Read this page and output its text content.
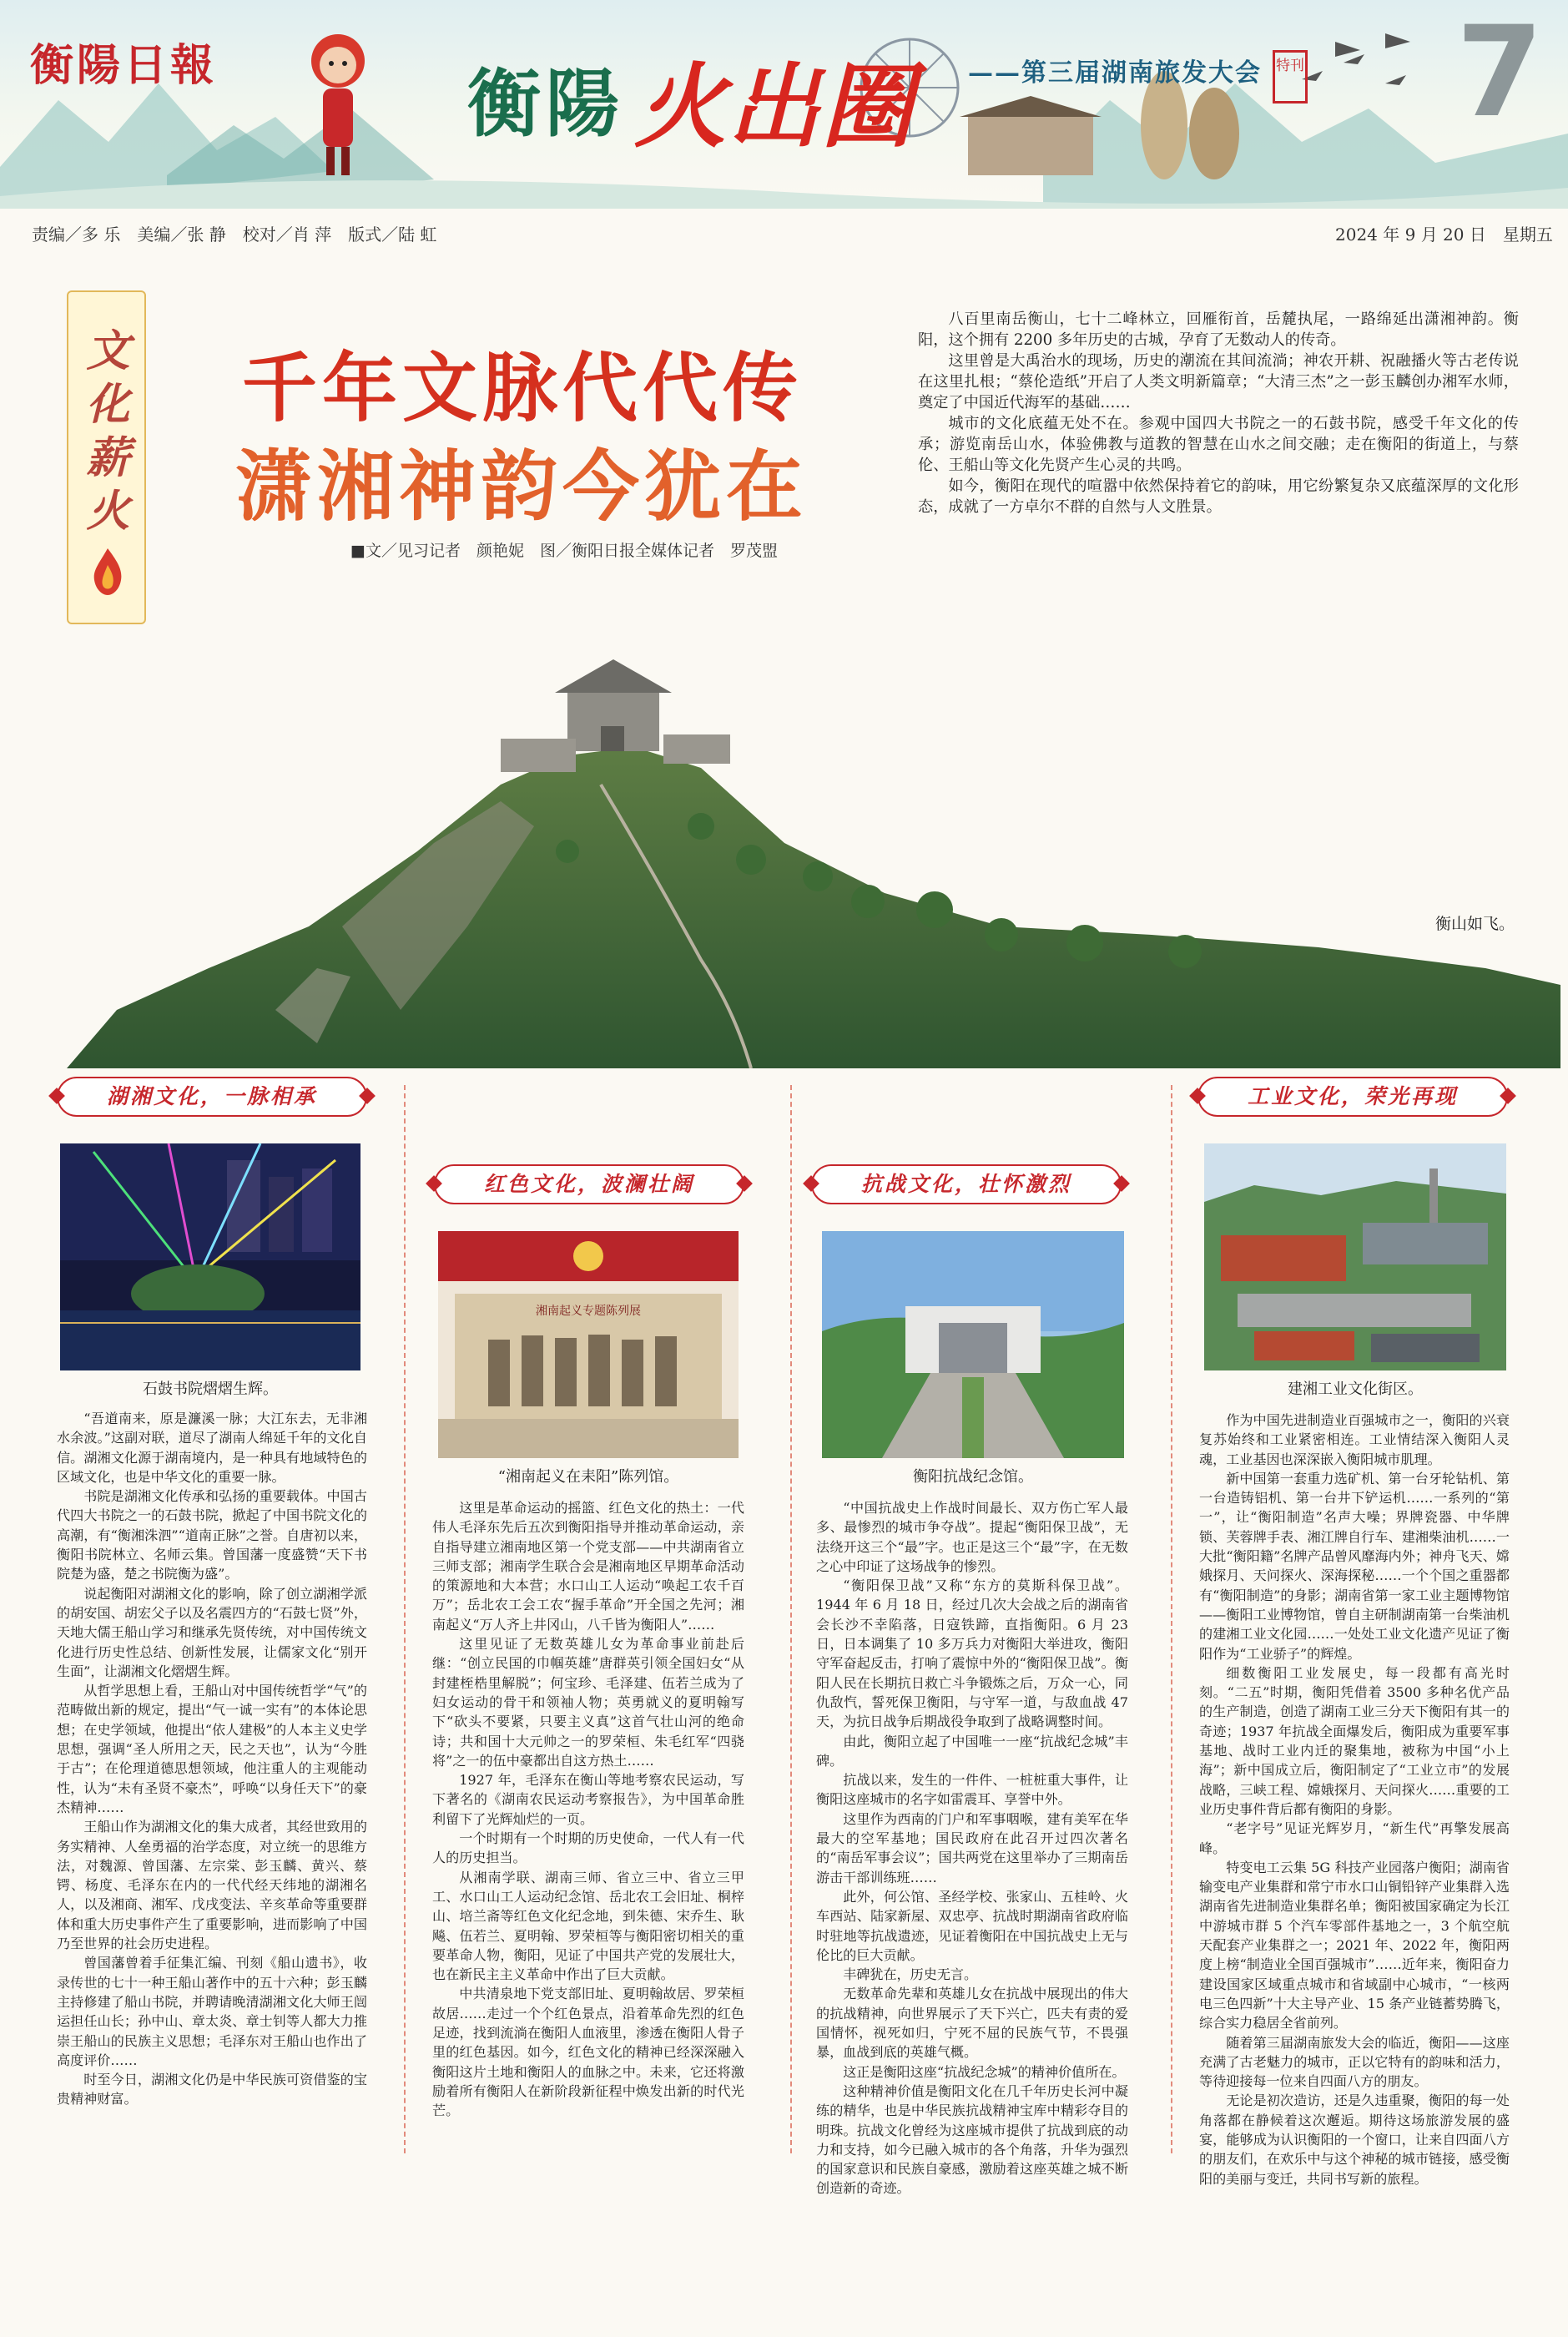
衡陽日報	衡陽 火出圈 ——第三届湖南旅发大会 特刊 7
责编／多 乐　美编／张 静　校对／肖 萍　版式／陆 虹	2024 年 9 月 20 日　星期五
文
化
薪
火
千年文脉代代传
潇湘神韵今犹在
■文／见习记者　颜艳妮　图／衡阳日报全媒体记者　罗茂盟

八百里南岳衡山，七十二峰林立，回雁衔首，岳麓执尾，一路绵延出潇湘神韵。衡阳，这个拥有 2200 多年历史的古城，孕育了无数动人的传奇。

这里曾是大禹治水的现场，历史的潮流在其间流淌；神农开耕、祝融播火等古老传说在这里扎根；“蔡伦造纸”开启了人类文明新篇章；“大清三杰”之一彭玉麟创办湘军水师，奠定了中国近代海军的基础……

城市的文化底蕴无处不在。参观中国四大书院之一的石鼓书院，感受千年文化的传承；游览南岳山水，体验佛教与道教的智慧在山水之间交融；走在衡阳的街道上，与蔡伦、王船山等文化先贤产生心灵的共鸣。

如今，衡阳在现代的喧嚣中依然保持着它的韵味，用它纷繁复杂又底蕴深厚的文化形态，成就了一方卓尔不群的自然与人文胜景。

衡山如飞。
湖湘文化，一脉相承
石鼓书院熠熠生辉。

“吾道南来，原是濂溪一脉；大江东去，无非湘水余波。”这副对联，道尽了湖南人绵延千年的文化自信。湖湘文化源于湖南境内，是一种具有地域特色的区域文化，也是中华文化的重要一脉。

书院是湖湘文化传承和弘扬的重要载体。中国古代四大书院之一的石鼓书院，掀起了中国书院文化的高潮，有“衡湘洙泗”“道南正脉”之誉。自唐初以来，衡阳书院林立、名师云集。曾国藩一度盛赞“天下书院楚为盛，楚之书院衡为盛”。

说起衡阳对湖湘文化的影响，除了创立湖湘学派的胡安国、胡宏父子以及名震四方的“石鼓七贤”外，天地大儒王船山学习和继承先贤传统，对中国传统文化进行历史性总结、创新性发展，让儒家文化“别开生面”，让湖湘文化熠熠生辉。

从哲学思想上看，王船山对中国传统哲学“气”的范畴做出新的规定，提出“气一诚一实有”的本体论思想；在史学领域，他提出“依人建极”的人本主义史学思想，强调“圣人所用之天，民之天也”，认为“今胜于古”；在伦理道德思想领域，他注重人的主观能动性，认为“未有圣贤不豪杰”，呼唤“以身任天下”的豪杰精神……

王船山作为湖湘文化的集大成者，其经世致用的务实精神、人垒勇福的治学态度，对立统一的思维方法，对魏源、曾国藩、左宗棠、彭玉麟、黄兴、蔡锷、杨度、毛泽东在内的一代代经天纬地的湖湘名人，以及湘商、湘军、戊戌变法、辛亥革命等重要群体和重大历史事件产生了重要影响，进而影响了中国乃至世界的社会历史进程。

曾国藩曾着手征集汇编、刊刻《船山遗书》，收录传世的七十一种王船山著作中的五十六种；彭玉麟主持修建了船山书院，并聘请晚清湖湘文化大师王闿运担任山长；孙中山、章太炎、章士钊等人都大力推崇王船山的民族主义思想；毛泽东对王船山也作出了高度评价……

时至今日，湖湘文化仍是中华民族可资借鉴的宝贵精神财富。

红色文化，波澜壮阔
湘南起义专题陈列展
“湘南起义在耒阳”陈列馆。

这里是革命运动的摇篮、红色文化的热土：一代伟人毛泽东先后五次到衡阳指导并推动革命运动，亲自指导建立湘南地区第一个党支部——中共湖南省立三师支部；湘南学生联合会是湘南地区早期革命活动的策源地和大本营；水口山工人运动“唤起工农千百万”；岳北农工会工农“握手革命”开全国之先河；湘南起义“万人齐上井冈山，八千皆为衡阳人”……

这里见证了无数英雄儿女为革命事业前赴后继：“创立民国的巾帼英雄”唐群英引领全国妇女“从封建桎梏里解脱”；何宝珍、毛泽建、伍若兰成为了妇女运动的骨干和领袖人物；英勇就义的夏明翰写下“砍头不要紧，只要主义真”这首气壮山河的绝命诗；共和国十大元帅之一的罗荣桓、朱毛红军“四骁将”之一的伍中豪都出自这方热土……

1927 年，毛泽东在衡山等地考察农民运动，写下著名的《湖南农民运动考察报告》，为中国革命胜利留下了光辉灿烂的一页。

一个时期有一个时期的历史使命，一代人有一代人的历史担当。

从湘南学联、湖南三师、省立三中、省立三甲工、水口山工人运动纪念馆、岳北农工会旧址、桐梓山、培兰斋等红色文化纪念地，到朱德、宋乔生、耿飚、伍若兰、夏明翰、罗荣桓等与衡阳密切相关的重要革命人物，衡阳，见证了中国共产党的发展壮大，也在新民主主义革命中作出了巨大贡献。

中共清泉地下党支部旧址、夏明翰故居、罗荣桓故居……走过一个个红色景点，沿着革命先烈的红色足迹，找到流淌在衡阳人血液里，渗透在衡阳人骨子里的红色基因。如今，红色文化的精神已经深深融入衡阳这片土地和衡阳人的血脉之中。未来，它还将激励着所有衡阳人在新阶段新征程中焕发出新的时代光芒。

抗战文化，壮怀激烈
衡阳抗战纪念馆。

“中国抗战史上作战时间最长、双方伤亡军人最多、最惨烈的城市争夺战”。提起“衡阳保卫战”，无法绕开这三个“最”字。也正是这三个“最”字，在无数之心中印证了这场战争的惨烈。

“衡阳保卫战”又称“东方的莫斯科保卫战”。1944 年 6 月 18 日，经过几次大会战之后的湖南省会长沙不幸陷落，日寇铁蹄，直指衡阳。6 月 23 日，日本调集了 10 多万兵力对衡阳大举进攻，衡阳守军奋起反击，打响了震惊中外的“衡阳保卫战”。衡阳人民在长期抗日救亡斗争锻炼之后，万众一心，同仇敌忾，誓死保卫衡阳，与守军一道，与敌血战 47 天，为抗日战争后期战役争取到了战略调整时间。

由此，衡阳立起了中国唯一一座“抗战纪念城”丰碑。

抗战以来，发生的一件件、一桩桩重大事件，让衡阳这座城市的名字如雷震耳、享誉中外。

这里作为西南的门户和军事咽喉，建有美军在华最大的空军基地；国民政府在此召开过四次著名的“南岳军事会议”；国共两党在这里举办了三期南岳游击干部训练班……

此外，何公馆、圣经学校、张家山、五桂岭、火车西站、陆家新屋、双忠亭、抗战时期湖南省政府临时驻地等抗战遗迹，见证着衡阳在中国抗战史上无与伦比的巨大贡献。

丰碑犹在，历史无言。

无数革命先辈和英雄儿女在抗战中展现出的伟大的抗战精神，向世界展示了天下兴亡，匹夫有责的爱国情怀，视死如归，宁死不屈的民族气节，不畏强暴，血战到底的英雄气概。

这正是衡阳这座“抗战纪念城”的精神价值所在。

这种精神价值是衡阳文化在几千年历史长河中凝练的精华，也是中华民族抗战精神宝库中精彩夺目的明珠。抗战文化曾经为这座城市提供了抗战到底的动力和支持，如今已融入城市的各个角落，升华为强烈的国家意识和民族自豪感，激励着这座英雄之城不断创造新的奇迹。

工业文化，荣光再现
建湘工业文化街区。

作为中国先进制造业百强城市之一，衡阳的兴衰复苏始终和工业紧密相连。工业情结深入衡阳人灵魂，工业基因也深深嵌入衡阳城市肌理。

新中国第一套重力选矿机、第一台牙轮钻机、第一台造铸铝机、第一台井下铲运机……一系列的“第一”，让“衡阳制造”名声大噪；界牌瓷器、中华牌锁、芙蓉牌手表、湘江牌自行车、建湘柴油机……一大批“衡阳籍”名牌产品曾风靡海内外；神舟飞天、嫦娥探月、天问探火、深海探秘……一个个国之重器都有“衡阳制造”的身影；湖南省第一家工业主题博物馆——衡阳工业博物馆，曾自主研制湖南第一台柴油机的建湘工业文化园……一处处工业文化遗产见证了衡阳作为“工业骄子”的辉煌。

细数衡阳工业发展史，每一段都有高光时刻。“二五”时期，衡阳凭借着 3500 多种名优产品的生产制造，创造了湖南工业三分天下衡阳有其一的奇迹；1937 年抗战全面爆发后，衡阳成为重要军事基地、战时工业内迁的聚集地，被称为中国“小上海”；新中国成立后，衡阳制定了“工业立市”的发展战略，三峡工程、嫦娥探月、天问探火……重要的工业历史事件背后都有衡阳的身影。

“老字号”见证光辉岁月，“新生代”再擎发展高峰。

特变电工云集 5G 科技产业园落户衡阳；湖南省输变电产业集群和常宁市水口山铜铅锌产业集群入选湖南省先进制造业集群名单；衡阳被国家确定为长江中游城市群 5 个汽车零部件基地之一，3 个航空航天配套产业集群之一；2021 年、2022 年，衡阳两度上榜“制造业全国百强城市”……近年来，衡阳奋力建设国家区域重点城市和省域副中心城市，“一核两电三色四新”十大主导产业、15 条产业链蓄势腾飞，综合实力稳居全省前列。

随着第三届湖南旅发大会的临近，衡阳——这座充满了古老魅力的城市，正以它特有的韵味和活力，等待迎接每一位来自四面八方的朋友。

无论是初次造访，还是久违重聚，衡阳的每一处角落都在静候着这次邂逅。期待这场旅游发展的盛宴，能够成为认识衡阳的一个窗口，让来自四面八方的朋友们，在欢乐中与这个神秘的城市链接，感受衡阳的美丽与变迁，共同书写新的旅程。
